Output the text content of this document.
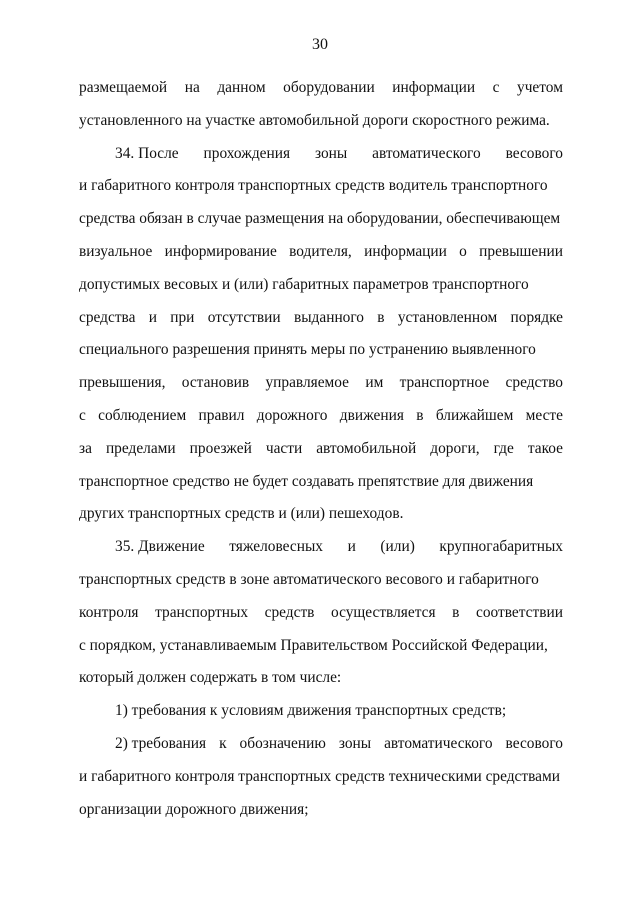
30
размещаемой на данном оборудовании информации с учетом
установленного на участке автомобильной дороги скоростного режима.
34. После прохождения зоны автоматического весового
и габаритного контроля транспортных средств водитель транспортного
средства обязан в случае размещения на оборудовании, обеспечивающем
визуальное информирование водителя, информации о превышении
допустимых весовых и (или) габаритных параметров транспортного
средства и при отсутствии выданного в установленном порядке
специального разрешения принять меры по устранению выявленного
превышения, остановив управляемое им транспортное средство
с соблюдением правил дорожного движения в ближайшем месте
за пределами проезжей части автомобильной дороги, где такое
транспортное средство не будет создавать препятствие для движения
других транспортных средств и (или) пешеходов.
35. Движение тяжеловесных и (или) крупногабаритных
транспортных средств в зоне автоматического весового и габаритного
контроля транспортных средств осуществляется в соответствии
с порядком, устанавливаемым Правительством Российской Федерации,
который должен содержать в том числе:
1) требования к условиям движения транспортных средств;
2) требования к обозначению зоны автоматического весового
и габаритного контроля транспортных средств техническими средствами
организации дорожного движения;
